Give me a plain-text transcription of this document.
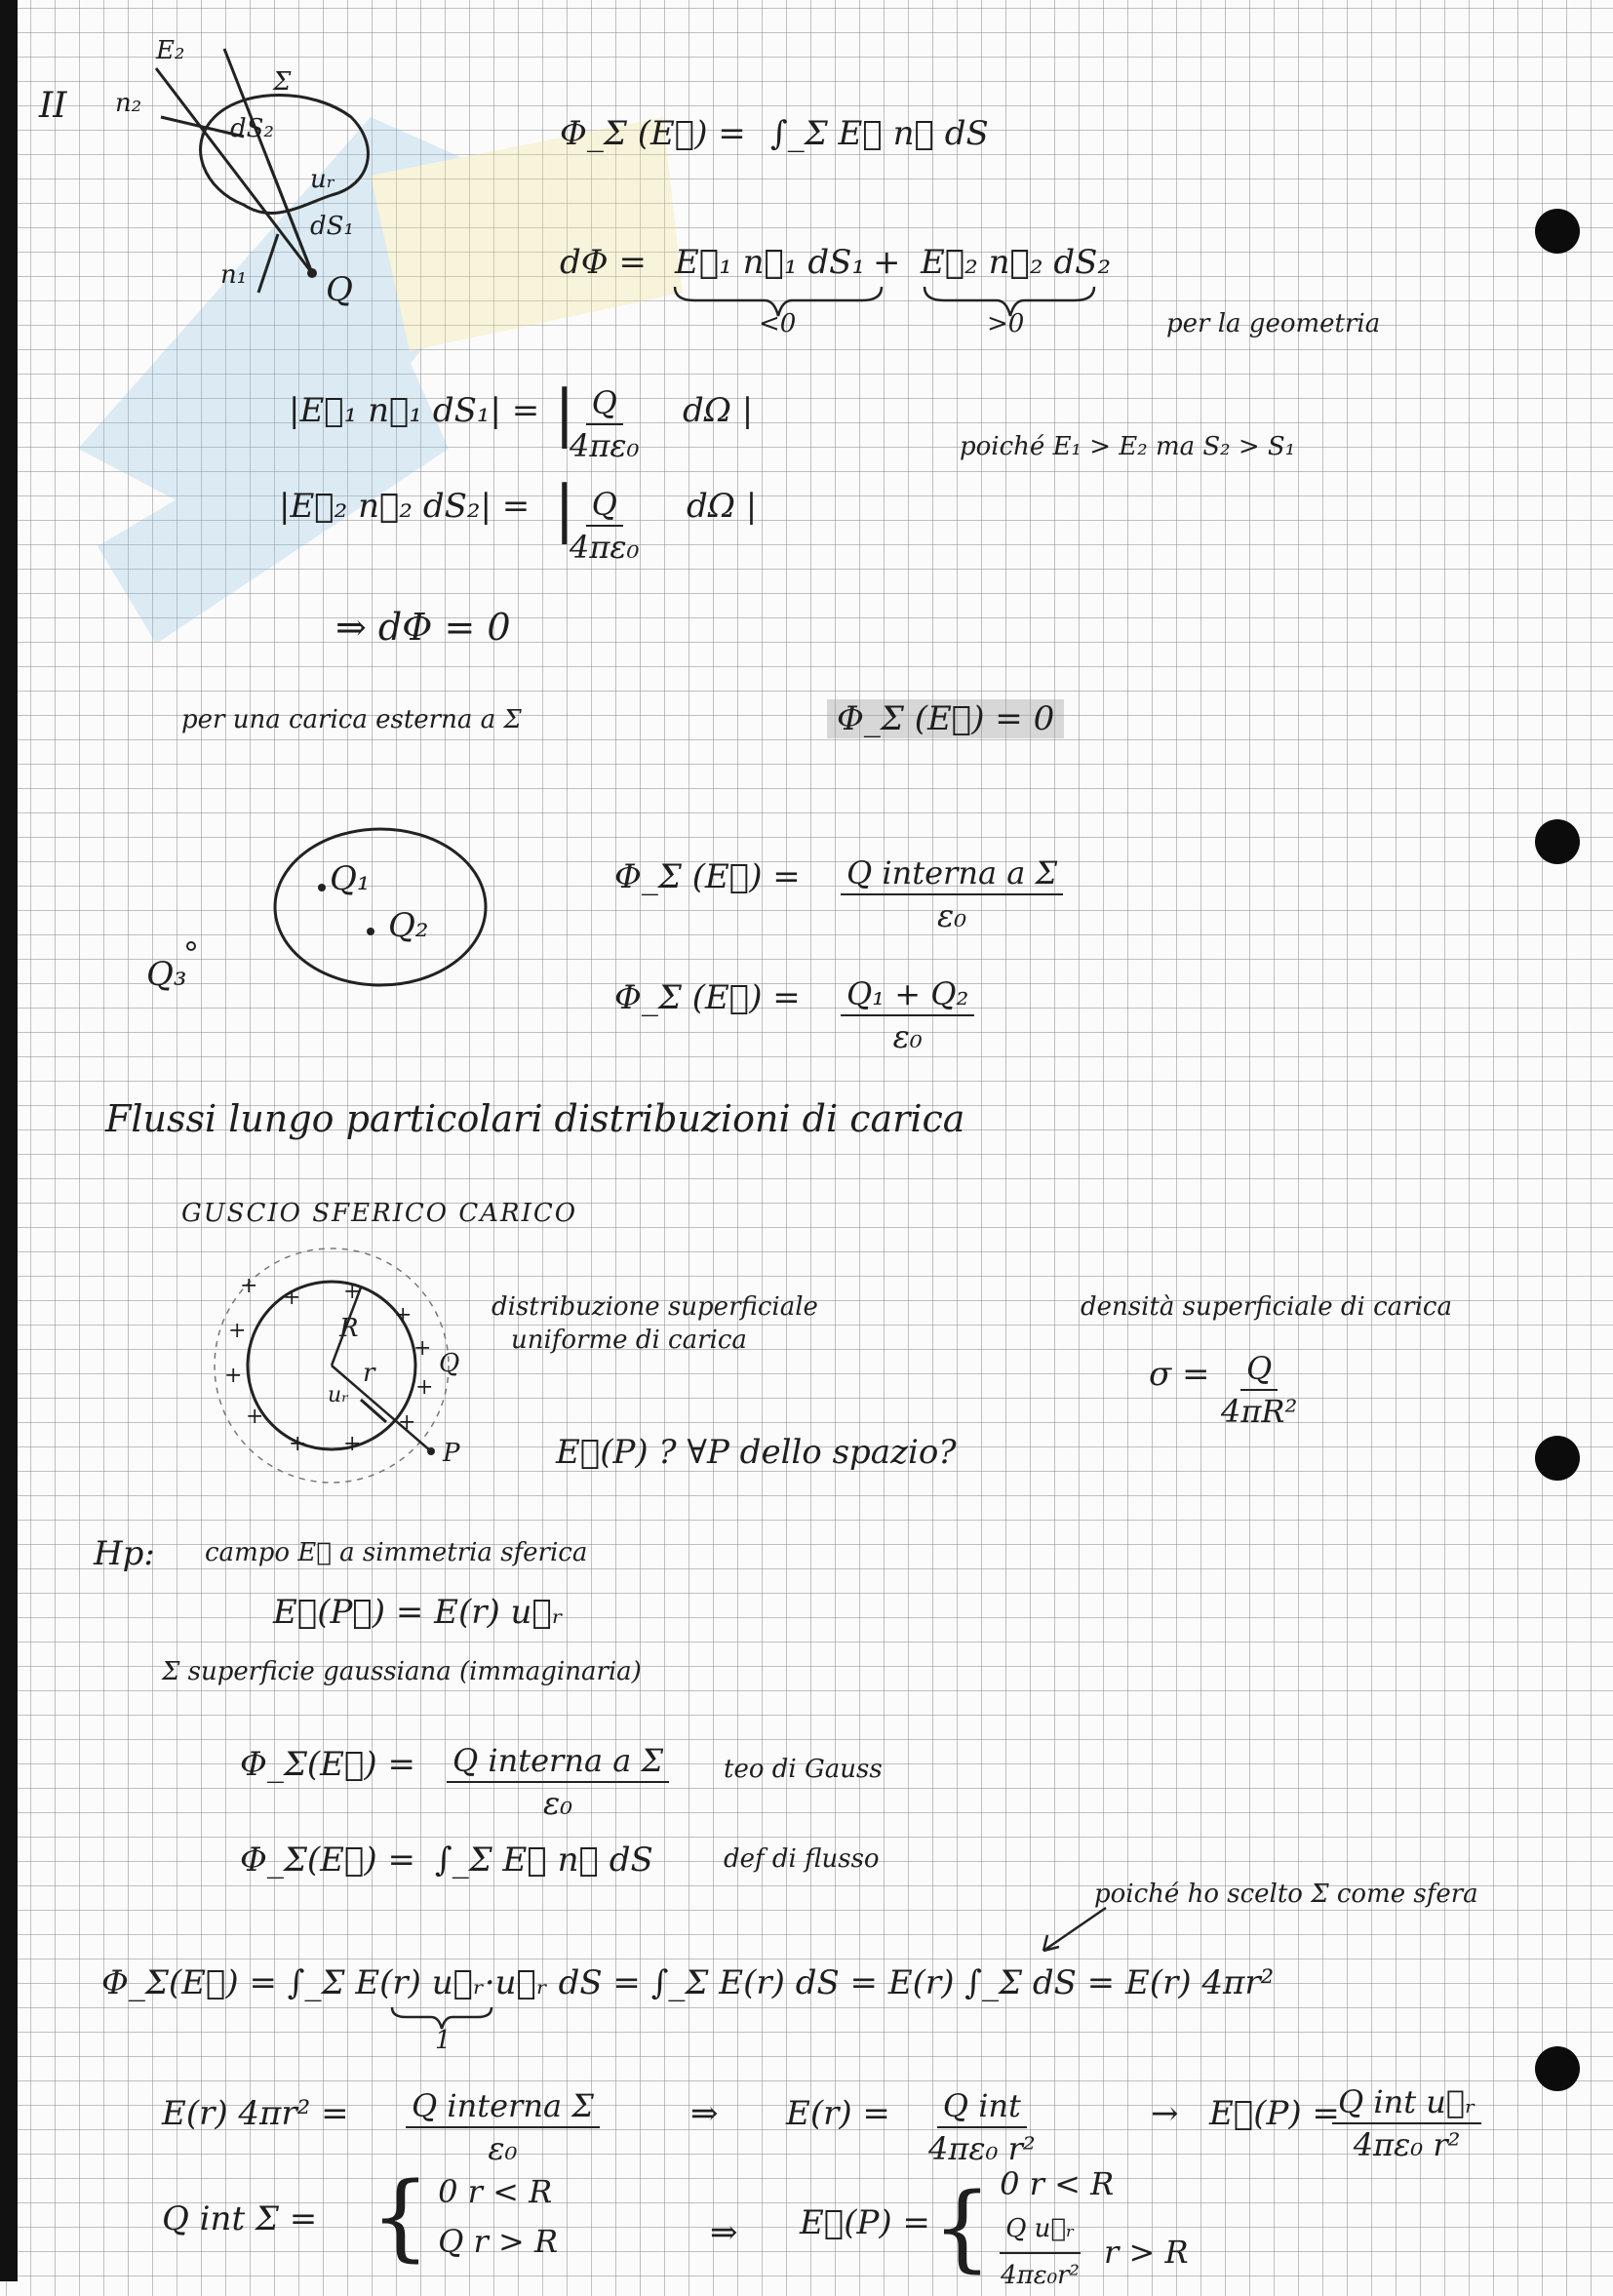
II
E₂
n₂
dS₂
Σ
uᵣ
dS₁
n₁ Q
Φ_Σ (E⃗) = ∫_Σ E⃗ n⃗ dS
dΦ = E⃗₁ n⃗₁ dS₁ + E⃗₂ n⃗₂ dS₂
<0	>0	per la geometria
|E⃗₁ n⃗₁ dS₁| = |
$\frac{Q}{\text{4πε₀}}$ dΩ |
poiché E₁ > E₂ ma S₂ > S₁
|E⃗₂ n⃗₂ dS₂| = |
$\frac{Q}{\text{4πε₀}}$ dΩ |
⇒ dΦ = 0
per una carica esterna a Σ	Φ_Σ (E⃗) = 0
Q₁
Q₂
Q₃
Φ_Σ (E⃗) = Q interna a Σ
ε₀
Φ_Σ (E⃗) = $\frac{\text{Q₁ + Q₂}}{\text{ε₀}}$
Flussi lungo particolari distribuzioni di carica
GUSCIO SFERICO CARICO
+ + +
+
+
+
+
+
+
+
+
+	R
r
uᵣ
Q
P
distribuzione superficiale
uniforme di carica
densità superficiale di carica
$\sigma = \frac{Q}{\text{4πR²}}$
E⃗(P) ? ∀P dello spazio?
Hp: campo E⃗ a simmetria sferica
E⃗(P⃗) = E(r) u⃗ᵣ
Σ superficie gaussiana (immaginaria)
Φ_Σ(E⃗) = Q interna a Σ
ε₀
teo di Gauss
Φ_Σ(E⃗) = ∫_Σ E⃗ n⃗ dS	def di flusso
poiché ho scelto Σ come sfera
Φ_Σ(E⃗) = ∫_Σ E(r) u⃗ᵣ·u⃗ᵣ dS = ∫_Σ E(r) dS = E(r) ∫_Σ dS = E(r) 4πr²
1
E(r) 4πr² = Q interna Σ
ε₀
⇒ E(r) = Q int
4πε₀ r²
→ E⃗(P) =
Q int u⃗ᵣ
4πε₀ r²
Q int Σ = { 0 r < R
Q r > R	⇒ E⃗(P) = { 0 r < R
$\frac{\text{Q u⃗ᵣ}}{\text{4πε₀r²}}$ r > R
